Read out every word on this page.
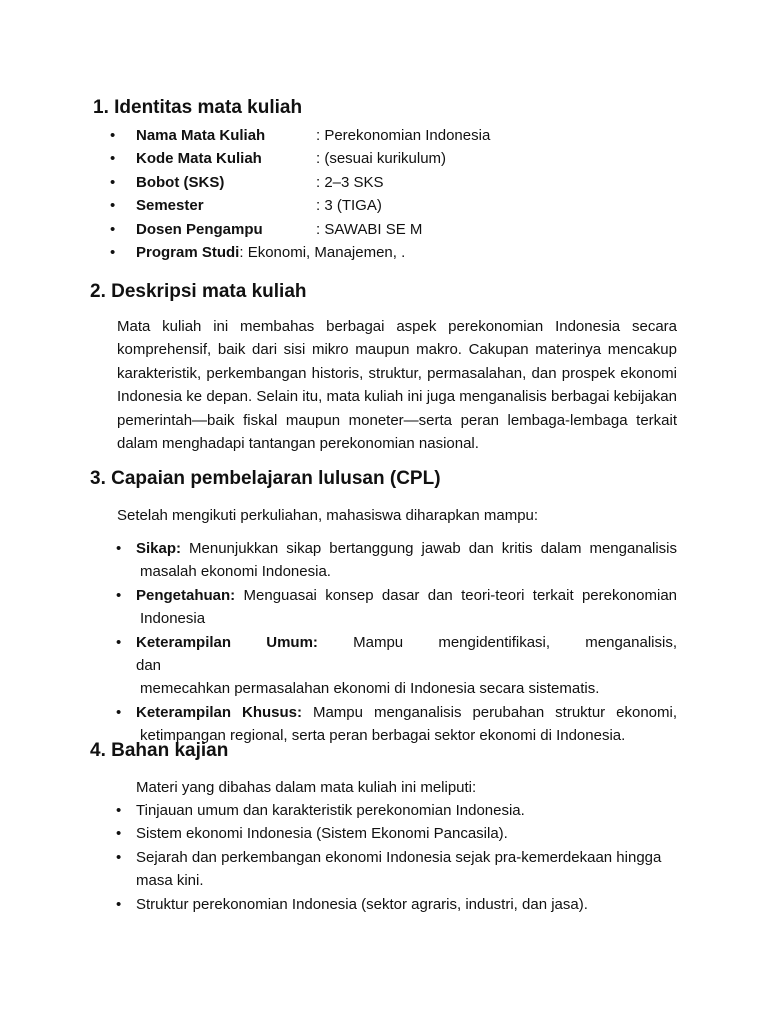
1. Identitas mata kuliah
• Nama Mata Kuliah	: Perekonomian Indonesia
• Kode Mata Kuliah	: (sesuai kurikulum)
• Bobot (SKS)	: 2–3 SKS
• Semester	: 3 (TIGA)
• Dosen Pengampu	: SAWABI SE M
• Program Studi: Ekonomi, Manajemen, .
2. Deskripsi mata kuliah

Mata kuliah ini membahas berbagai aspek perekonomian Indonesia secara komprehensif, baik dari sisi mikro maupun makro. Cakupan materinya mencakup karakteristik, perkembangan historis, struktur, permasalahan, dan prospek ekonomi Indonesia ke depan. Selain itu, mata kuliah ini juga menganalisis berbagai kebijakan pemerintah—baik fiskal maupun moneter—serta peran lembaga-lembaga terkait dalam menghadapi tantangan perekonomian nasional.

3. Capaian pembelajaran lulusan (CPL)

Setelah mengikuti perkuliahan, mahasiswa diharapkan mampu:

• Sikap: Menunjukkan sikap bertanggung jawab dan kritis dalam menganalisis
masalah ekonomi Indonesia.
• Pengetahuan: Menguasai konsep dasar dan teori-teori terkait perekonomian
Indonesia
• Keterampilan Umum: Mampu mengidentifikasi, menganalisis, dan
memecahkan permasalahan ekonomi di Indonesia secara sistematis.
• Keterampilan Khusus: Mampu menganalisis perubahan struktur ekonomi,
ketimpangan regional, serta peran berbagai sektor ekonomi di Indonesia.
4. Bahan kajian

Materi yang dibahas dalam mata kuliah ini meliputi:

• Tinjauan umum dan karakteristik perekonomian Indonesia.
• Sistem ekonomi Indonesia (Sistem Ekonomi Pancasila).
• Sejarah dan perkembangan ekonomi Indonesia sejak pra-kemerdekaan hingga masa kini.
• Struktur perekonomian Indonesia (sektor agraris, industri, dan jasa).
